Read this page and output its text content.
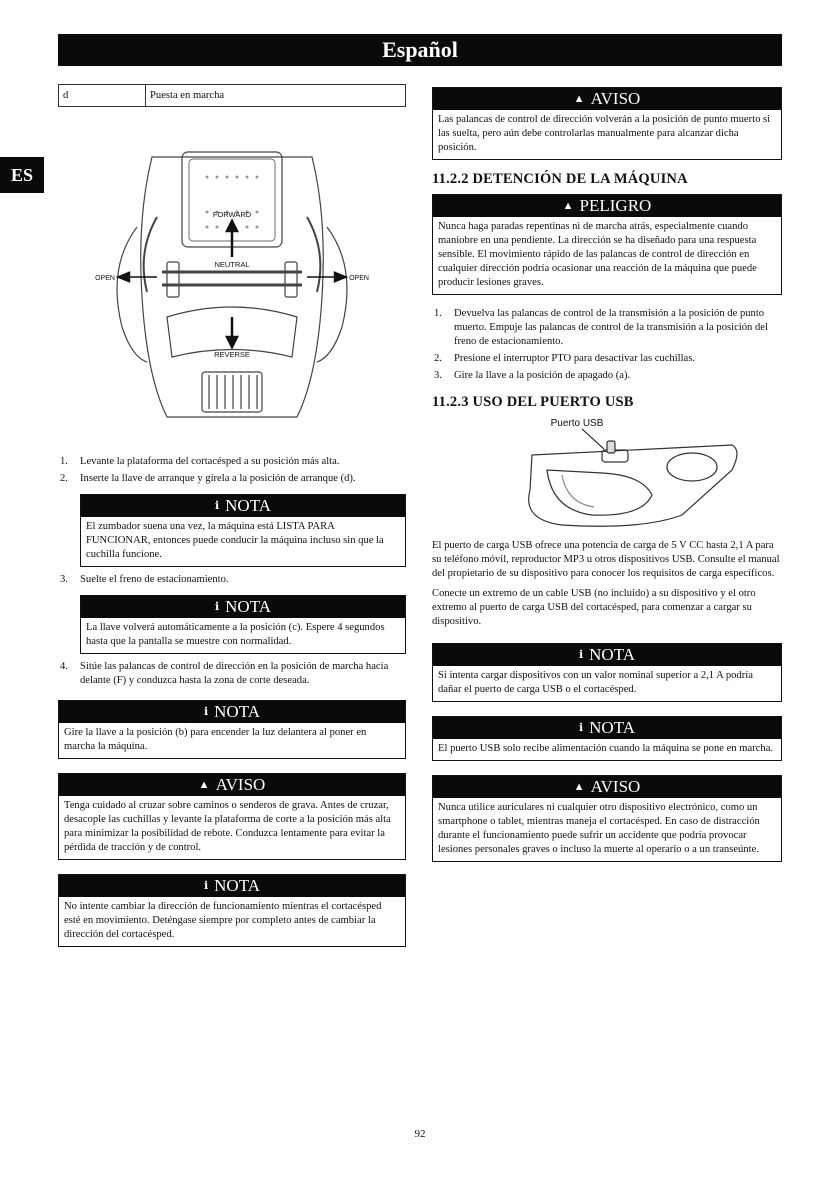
Español
ES
d	Puesta en marcha
FORWARD
NEUTRAL
REVERSE
OPEN	OPEN
1. Levante la plataforma del cortacésped a su posición más alta.
2. Inserte la llave de arranque y gírela a la posición de arranque (d).
ℹ NOTA
El zumbador suena una vez, la máquina está LISTA PARA FUNCIONAR, entonces puede conducir la máquina incluso sin que la cuchilla funcione.
3. Suelte el freno de estacionamiento.
ℹ NOTA
La llave volverá automáticamente a la posición (c). Espere 4 segundos hasta que la pantalla se muestre con normalidad.
4. Sitúe las palancas de control de dirección en la posición de marcha hacia delante (F) y conduzca hasta la zona de corte deseada.
ℹ NOTA
Gire la llave a la posición (b) para encender la luz delantera al poner en marcha la máquina.
▲ AVISO
Tenga cuidado al cruzar sobre caminos o senderos de grava. Antes de cruzar, desacople las cuchillas y levante la plataforma de corte a la posición más alta para minimizar la posibilidad de rebote. Conduzca lentamente para evitar la pérdida de tracción y de control.
ℹ NOTA
No intente cambiar la dirección de funcionamiento mientras el cortacésped esté en movimiento. Deténgase siempre por completo antes de cambiar la dirección del cortacésped.
▲ AVISO
Las palancas de control de dirección volverán a la posición de punto muerto si las suelta, pero aún debe controlarlas manualmente para alcanzar dicha posición.
11.2.2 DETENCIÓN DE LA MÁQUINA
▲ PELIGRO
Nunca haga paradas repentinas ni de marcha atrás, especialmente cuando maniobre en una pendiente. La dirección se ha diseñado para una respuesta sensible. El movimiento rápido de las palancas de control de dirección en cualquier dirección podría ocasionar una reacción de la máquina que puede producir lesiones graves.
1. Devuelva las palancas de control de la transmisión a la posición de punto muerto. Empuje las palancas de control de la transmisión a la posición del freno de estacionamiento.
2. Presione el interruptor PTO para desactivar las cuchillas.
3. Gire la llave a la posición de apagado (a).
11.2.3 USO DEL PUERTO USB
Puerto USB

El puerto de carga USB ofrece una potencia de carga de 5 V CC hasta 2,1 A para su teléfono móvil, reproductor MP3 u otros dispositivos USB. Consulte el manual del propietario de su dispositivo para conocer los requisitos de carga específicos.

Conecte un extremo de un cable USB (no incluido) a su dispositivo y el otro extremo al puerto de carga USB del cortacésped, para comenzar a cargar su dispositivo.

ℹ NOTA
Si intenta cargar dispositivos con un valor nominal superior a 2,1 A podría dañar el puerto de carga USB o el cortacésped.
ℹ NOTA
El puerto USB solo recibe alimentación cuando la máquina se pone en marcha.
▲ AVISO
Nunca utilice auriculares ni cualquier otro dispositivo electrónico, como un smartphone o tablet, mientras maneja el cortacésped. En caso de distracción durante el funcionamiento puede sufrir un accidente que podría provocar lesiones personales graves o incluso la muerte al operario o a un transeúnte.
92
